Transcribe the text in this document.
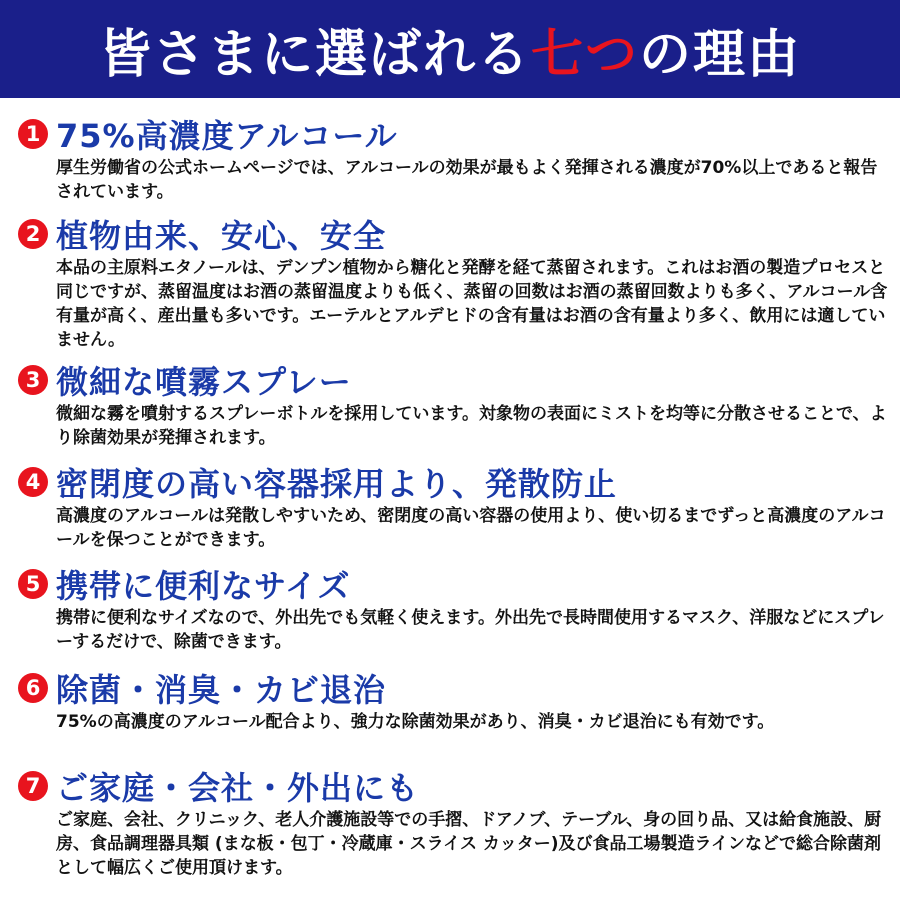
皆さまに選ばれる七つの理由
1 75%高濃度アルコール
厚生労働省の公式ホームページでは、アルコールの効果が最もよく発揮される濃度が70%以上であると報告されています。
2 植物由来、安心、安全
本品の主原料エタノールは、デンプン植物から糖化と発酵を経て蒸留されます。これはお酒の製造プロセスと同じですが、蒸留温度はお酒の蒸留温度よりも低く、蒸留の回数はお酒の蒸留回数よりも多く、アルコール含有量が高く、産出量も多いです。エーテルとアルデヒドの含有量はお酒の含有量より多く、飲用には適していません。
3 微細な噴霧スプレー
微細な霧を噴射するスプレーボトルを採用しています。対象物の表面にミストを均等に分散させることで、より除菌効果が発揮されます。
4 密閉度の高い容器採用より、発散防止
高濃度のアルコールは発散しやすいため、密閉度の高い容器の使用より、使い切るまでずっと高濃度のアルコールを保つことができます。
5 携帯に便利なサイズ
携帯に便利なサイズなので、外出先でも気軽く使えます。外出先で長時間使用するマスク、洋服などにスプレーするだけで、除菌できます。
6 除菌・消臭・カビ退治
75%の高濃度のアルコール配合より、強力な除菌効果があり、消臭・カビ退治にも有効です。
7 ご家庭・会社・外出にも
ご家庭、会社、クリニック、老人介護施設等での手摺、ドアノブ、テーブル、身の回り品、又は給食施設、厨房、食品調理器具類 (まな板・包丁・冷蔵庫・スライス カッター)及び食品工場製造ラインなどで総合除菌剤として幅広くご使用頂けます。
